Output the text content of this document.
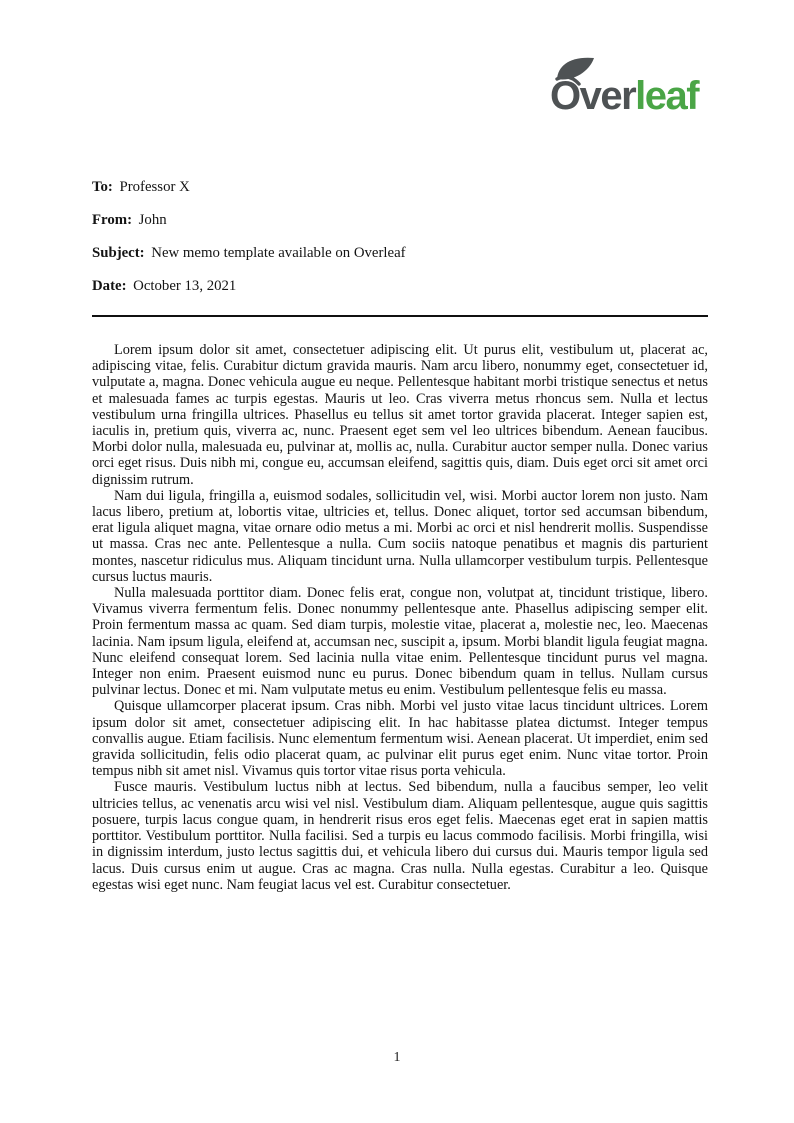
Overleaf
To: Professor X
From: John
Subject: New memo template available on Overleaf
Date: October 13, 2021

Lorem ipsum dolor sit amet, consectetuer adipiscing elit. Ut purus elit, vestibulum ut, placerat ac, adipiscing vitae, felis. Curabitur dictum gravida mauris. Nam arcu libero, nonummy eget, consectetuer id, vulputate a, magna. Donec vehicula augue eu neque. Pellentesque habitant morbi tristique senectus et netus et malesuada fames ac turpis egestas. Mauris ut leo. Cras viverra metus rhoncus sem. Nulla et lectus vestibulum urna fringilla ultrices. Phasellus eu tellus sit amet tortor gravida placerat. Integer sapien est, iaculis in, pretium quis, viverra ac, nunc. Praesent eget sem vel leo ultrices bibendum. Aenean faucibus. Morbi dolor nulla, malesuada eu, pulvinar at, mollis ac, nulla. Curabitur auctor semper nulla. Donec varius orci eget risus. Duis nibh mi, congue eu, accumsan eleifend, sagittis quis, diam. Duis eget orci sit amet orci dignissim rutrum.

Nam dui ligula, fringilla a, euismod sodales, sollicitudin vel, wisi. Morbi auctor lorem non justo. Nam lacus libero, pretium at, lobortis vitae, ultricies et, tellus. Donec aliquet, tortor sed accumsan bibendum, erat ligula aliquet magna, vitae ornare odio metus a mi. Morbi ac orci et nisl hendrerit mollis. Suspendisse ut massa. Cras nec ante. Pellentesque a nulla. Cum sociis natoque penatibus et magnis dis parturient montes, nascetur ridiculus mus. Aliquam tincidunt urna. Nulla ullamcorper vestibulum turpis. Pellentesque cursus luctus mauris.

Nulla malesuada porttitor diam. Donec felis erat, congue non, volutpat at, tincidunt tristique, libero. Vivamus viverra fermentum felis. Donec nonummy pellentesque ante. Phasellus adipiscing semper elit. Proin fermentum massa ac quam. Sed diam turpis, molestie vitae, placerat a, molestie nec, leo. Maecenas lacinia. Nam ipsum ligula, eleifend at, accumsan nec, suscipit a, ipsum. Morbi blandit ligula feugiat magna. Nunc eleifend consequat lorem. Sed lacinia nulla vitae enim. Pellentesque tincidunt purus vel magna. Integer non enim. Praesent euismod nunc eu purus. Donec bibendum quam in tellus. Nullam cursus pulvinar lectus. Donec et mi. Nam vulputate metus eu enim. Vestibulum pellentesque felis eu massa.

Quisque ullamcorper placerat ipsum. Cras nibh. Morbi vel justo vitae lacus tincidunt ultrices. Lorem ipsum dolor sit amet, consectetuer adipiscing elit. In hac habitasse platea dictumst. Integer tempus convallis augue. Etiam facilisis. Nunc elementum fermentum wisi. Aenean placerat. Ut imperdiet, enim sed gravida sollicitudin, felis odio placerat quam, ac pulvinar elit purus eget enim. Nunc vitae tortor. Proin tempus nibh sit amet nisl. Vivamus quis tortor vitae risus porta vehicula.

Fusce mauris. Vestibulum luctus nibh at lectus. Sed bibendum, nulla a faucibus semper, leo velit ultricies tellus, ac venenatis arcu wisi vel nisl. Vestibulum diam. Aliquam pellentesque, augue quis sagittis posuere, turpis lacus congue quam, in hendrerit risus eros eget felis. Maecenas eget erat in sapien mattis porttitor. Vestibulum porttitor. Nulla facilisi. Sed a turpis eu lacus commodo facilisis. Morbi fringilla, wisi in dignissim interdum, justo lectus sagittis dui, et vehicula libero dui cursus dui. Mauris tempor ligula sed lacus. Duis cursus enim ut augue. Cras ac magna. Cras nulla. Nulla egestas. Curabitur a leo. Quisque egestas wisi eget nunc. Nam feugiat lacus vel est. Curabitur consectetuer.

1
